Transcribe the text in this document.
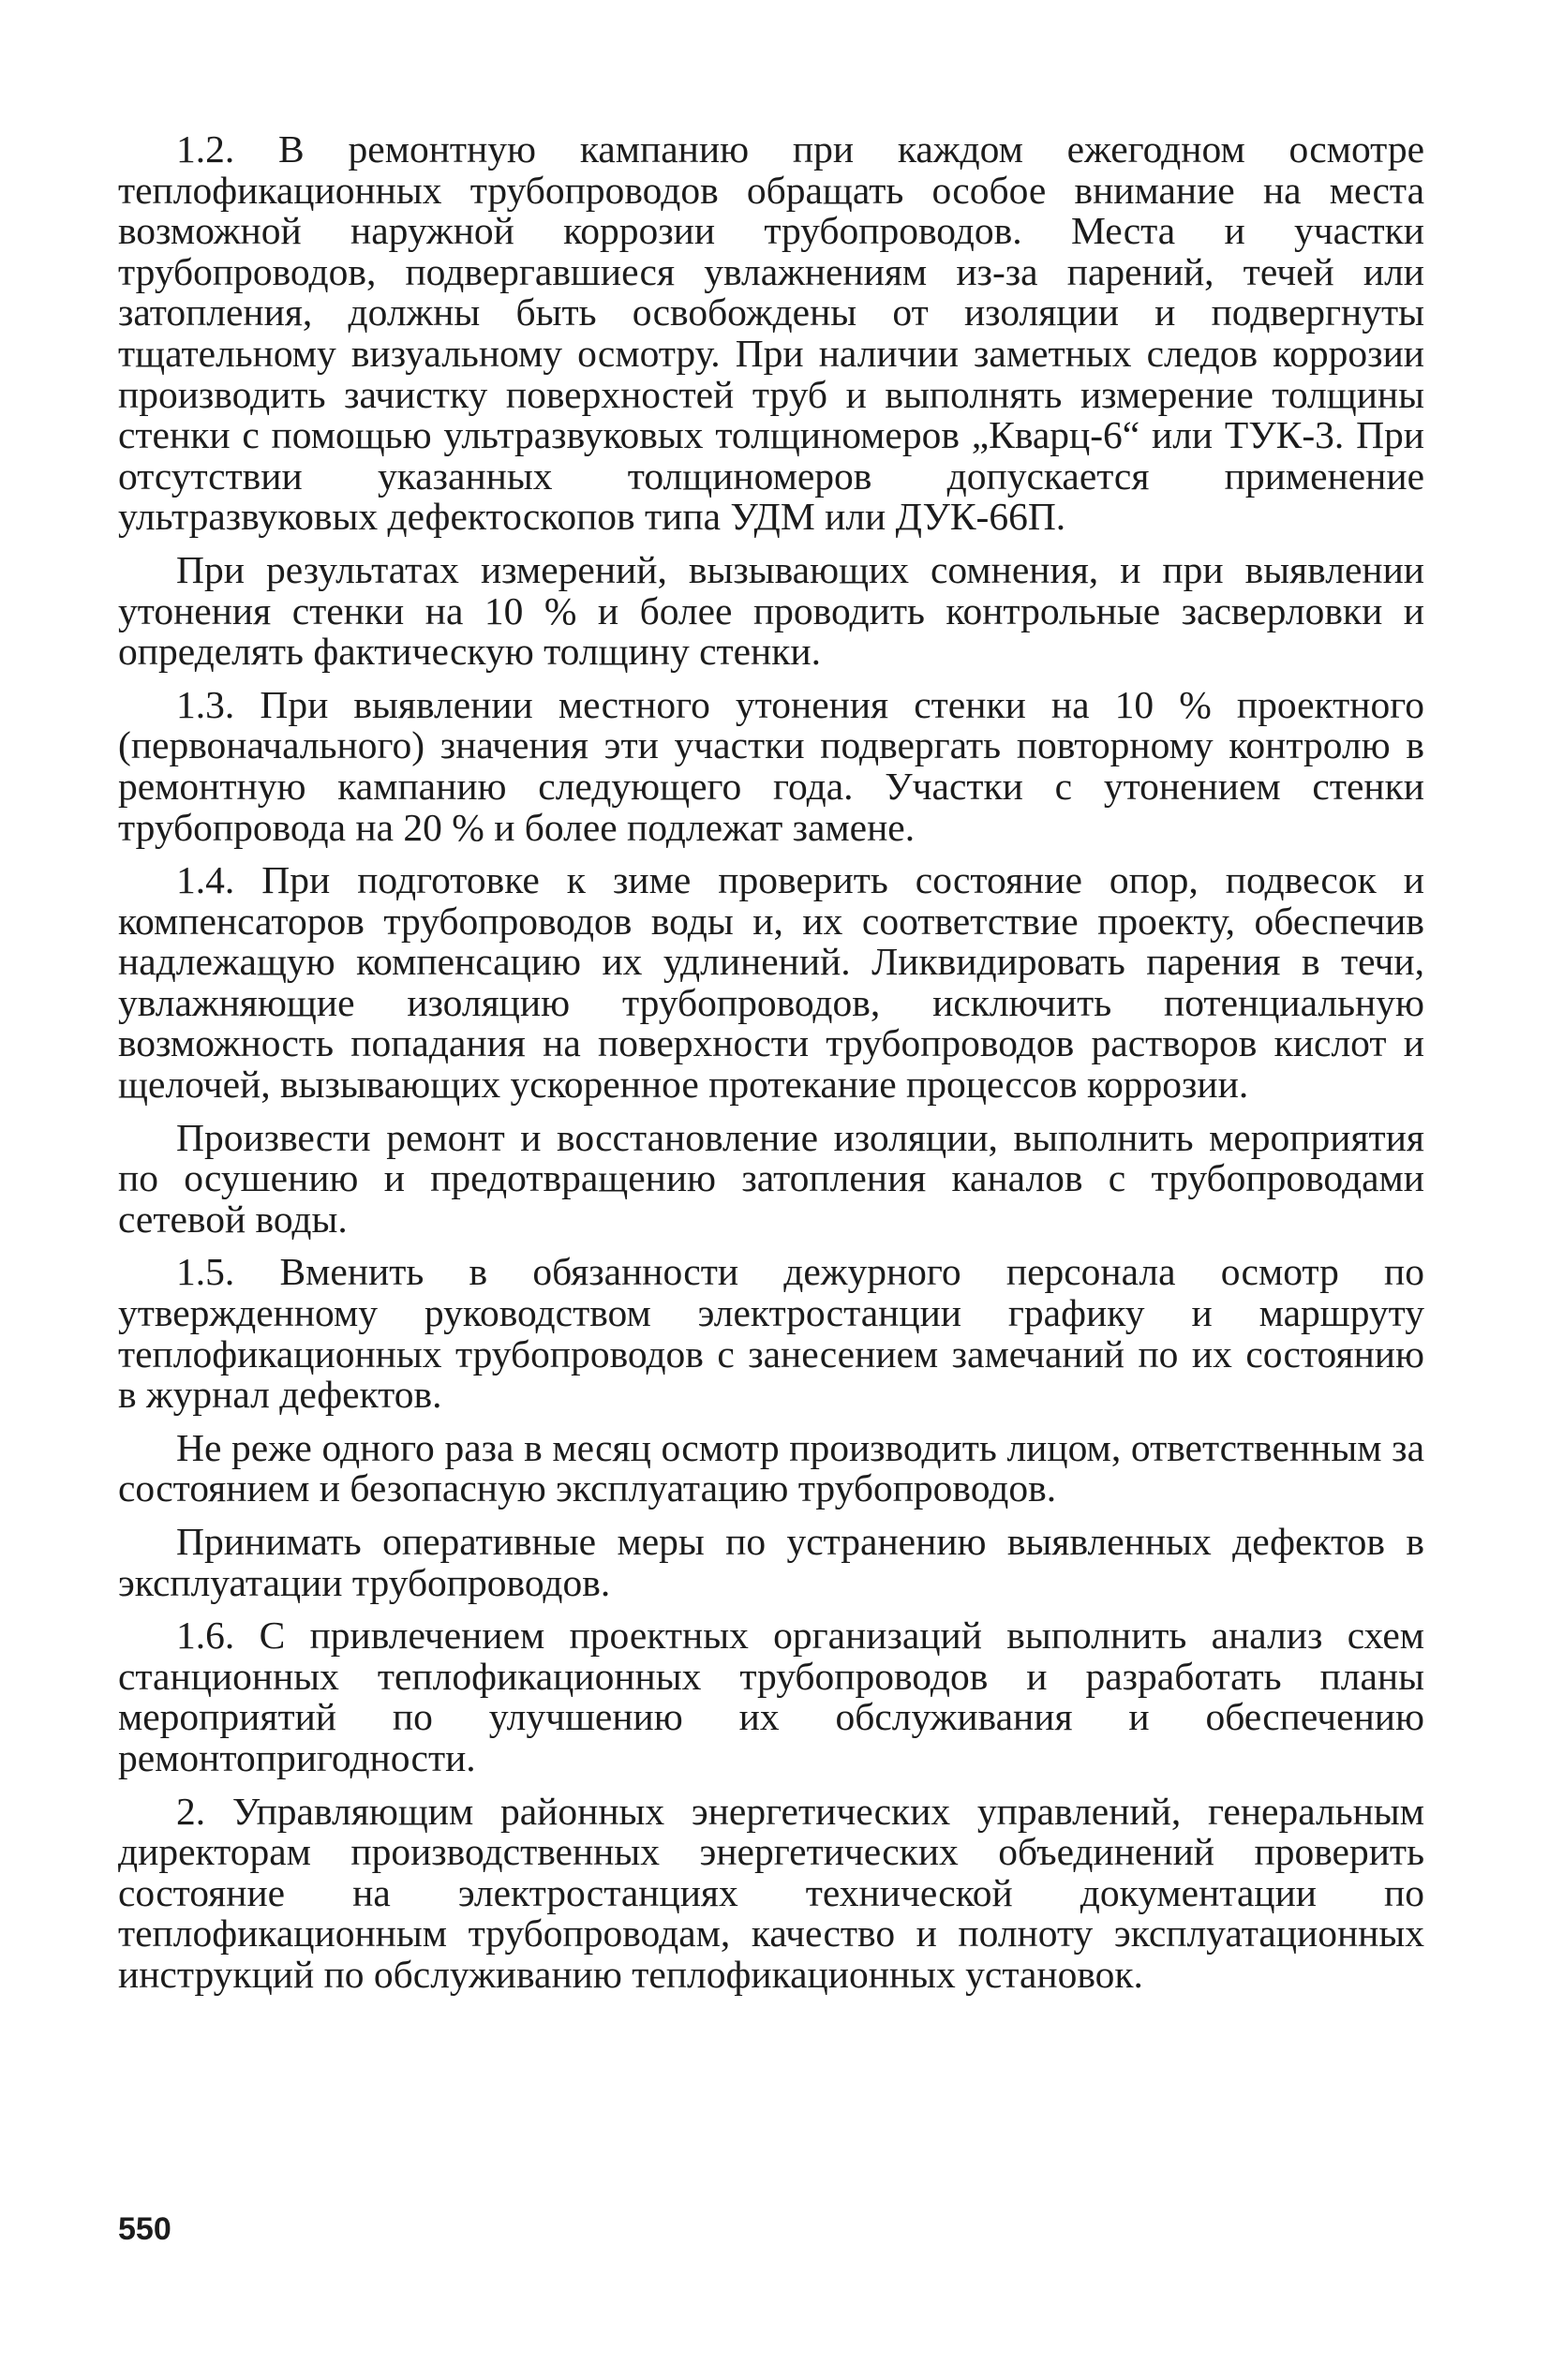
1.2. В ремонтную кампанию при каждом ежегодном осмотре теплофикационных трубопроводов обращать особое внимание на места возможной наружной коррозии трубопроводов. Места и участки трубопроводов, подвергавшиеся увлажнениям из-за парений, течей или затопления, должны быть освобождены от изоляции и подвергнуты тщательному визуальному осмотру. При наличии заметных следов коррозии производить зачистку поверхностей труб и выполнять измерение толщины стенки с помощью ультразвуковых толщиномеров „Кварц-6“ или ТУК-3. При отсутствии указанных толщиномеров допускается применение ультразвуковых дефектоскопов типа УДМ или ДУК-66П.

При результатах измерений, вызывающих сомнения, и при выявлении утонения стенки на 10 % и более проводить контрольные засверловки и определять фактическую толщину стенки.

1.3. При выявлении местного утонения стенки на 10 % проектного (первоначального) значения эти участки подвергать повторному контролю в ремонтную кампанию следующего года. Участки с утонением стенки трубопровода на 20 % и более подлежат замене.

1.4. При подготовке к зиме проверить состояние опор, подвесок и компенсаторов трубопроводов воды и, их соответствие проекту, обеспечив надлежащую компенсацию их удлинений. Ликвидировать парения в течи, увлажняющие изоляцию трубопроводов, исключить потенциальную возможность попадания на поверхности трубопроводов растворов кислот и щелочей, вызывающих ускоренное протекание процессов коррозии.

Произвести ремонт и восстановление изоляции, выполнить мероприятия по осушению и предотвращению затопления каналов с трубопроводами сетевой воды.

1.5. Вменить в обязанности дежурного персонала осмотр по утвержденному руководством электростанции графику и маршруту теплофикационных трубопроводов с занесением замечаний по их состоянию в журнал дефектов.

Не реже одного раза в месяц осмотр производить лицом, ответственным за состоянием и безопасную эксплуатацию трубопроводов.

Принимать оперативные меры по устранению выявленных дефектов в эксплуатации трубопроводов.

1.6. С привлечением проектных организаций выполнить анализ схем станционных теплофикационных трубопроводов и разработать планы мероприятий по улучшению их обслуживания и обеспечению ремонтопригодности.

2. Управляющим районных энергетических управлений, генеральным директорам производственных энергетических объединений проверить состояние на электростанциях технической документации по теплофикационным трубопроводам, качество и полноту эксплуатационных инструкций по обслуживанию теплофикационных установок.

550
